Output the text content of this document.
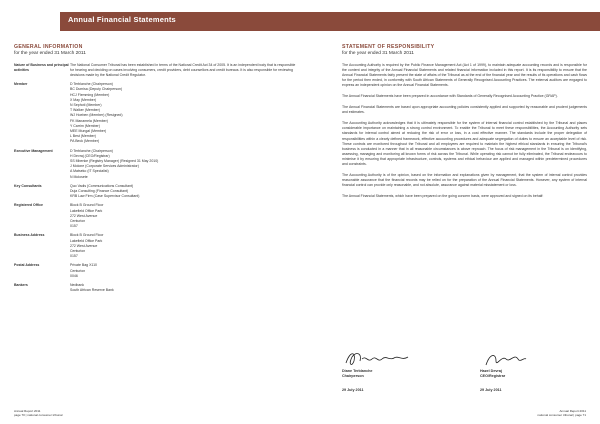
Annual Financial Statements
GENERAL INFORMATION
for the year ended 31 March 2011
Nature of Business and principal activities
The National Consumer Tribunal has been established in terms of the National Credit Act 34 of 2005. It is an independent body that is responsible for hearing and deciding on cases involving consumers, credit providers, debt counsellors and credit bureaus. It is also responsible for reviewing decisions made by the National Credit Regulator.
Member	D Terblanche (Chairperson)
BC Dumisa (Deputy Chairperson)
HCJ Flemming (Member)
X May (Member)
N Sephoti (Member)
T Walker (Member)
WJ Hoeben (Member) (Resigned)
FK Manamela (Member)
Y Carrim (Member)
MEE Mungal (Member)
L Best (Member)
PA Beck (Member)
Executive Management	D Terblanche (Chairperson)
H Devraj (CEO/Registrar)
SS Mbenke (Registry Manager) (Resigned 31 May 2010)
J Molone (Corporate Services Administrator)
A Matseko (IT Specialist)
N Molosete
Key Consultants	Quo Vadis (Communications Consultant)
Duja Consulting (Finance Consultant)
KRB Law Firm (Case Supervisor Consultant)
Registered Office	Block B Ground Floor
Lakefield Office Park
272 West Avenue
Centurion
0157
Business Address	Block B Ground Floor
Lakefield Office Park
272 West Avenue
Centurion
0157
Postal Address	Private Bag X110
Centurion
0046
Bankers	Nedbank
South African Reserve Bank
STATEMENT OF RESPONSIBILITY
for the year ended 31 March 2011

The Accounting Authority is required by the Public Finance Management Act (Act 1 of 1999), to maintain adequate accounting records and is responsible for the content and integrity of the Annual Financial Statements and related financial information included in this report. It is its responsibility to ensure that the Annual Financial Statements fairly present the state of affairs of the Tribunal as at the end of the financial year and the results of its operations and cash flows for the period then ended, in conformity with South African Statements of Generally Recognised Accounting Practices. The external auditors are engaged to express an independent opinion on the Annual Financial Statements.

The Annual Financial Statements have been prepared in accordance with Standards of Generally Recognised Accounting Practice (GRAP).

The Annual Financial Statements are based upon appropriate accounting policies consistently applied and supported by reasonable and prudent judgements and estimates.

The Accounting Authority acknowledges that it is ultimately responsible for the system of internal financial control established by the Tribunal and places considerable importance on maintaining a strong control environment. To enable the Tribunal to meet these responsibilities, the Accounting Authority sets standards for internal control aimed at reducing the risk of error or loss, in a cost effective manner. The standards include the proper delegation of responsibilities within a clearly defined framework, effective accounting procedures and adequate segregation of duties to ensure an acceptable level of risk. These controls are monitored throughout the Tribunal and all employees are required to maintain the highest ethical standards in ensuring the Tribunal's business is conducted in a manner that in all reasonable circumstances is above reproach. The focus of risk management in the Tribunal is on identifying, assessing, managing and monitoring all known forms of risk across the Tribunal. While operating risk cannot be fully eliminated, the Tribunal endeavours to minimise it by ensuring that appropriate infrastructure, controls, systems and ethical behaviour are applied and managed within predetermined procedures and constraints.

The Accounting Authority is of the opinion, based on the information and explanations given by management, that the system of internal control provides reasonable assurance that the financial records may be relied on for the preparation of the Annual Financial Statements. However, any system of internal financial control can provide only reasonable, and not absolute, assurance against material misstatement or loss.

The Annual Financial Statements, which have been prepared on the going concern basis, were approved and signed on its behalf:

Diane Terblanche
Chairperson
29 July 2011
Hazel Devraj
CEO/Registrar
29 July 2011
Annual Report 2011
page 70 | national consumer tribunal
Annual Report 2011
national consumer tribunal | page 71
